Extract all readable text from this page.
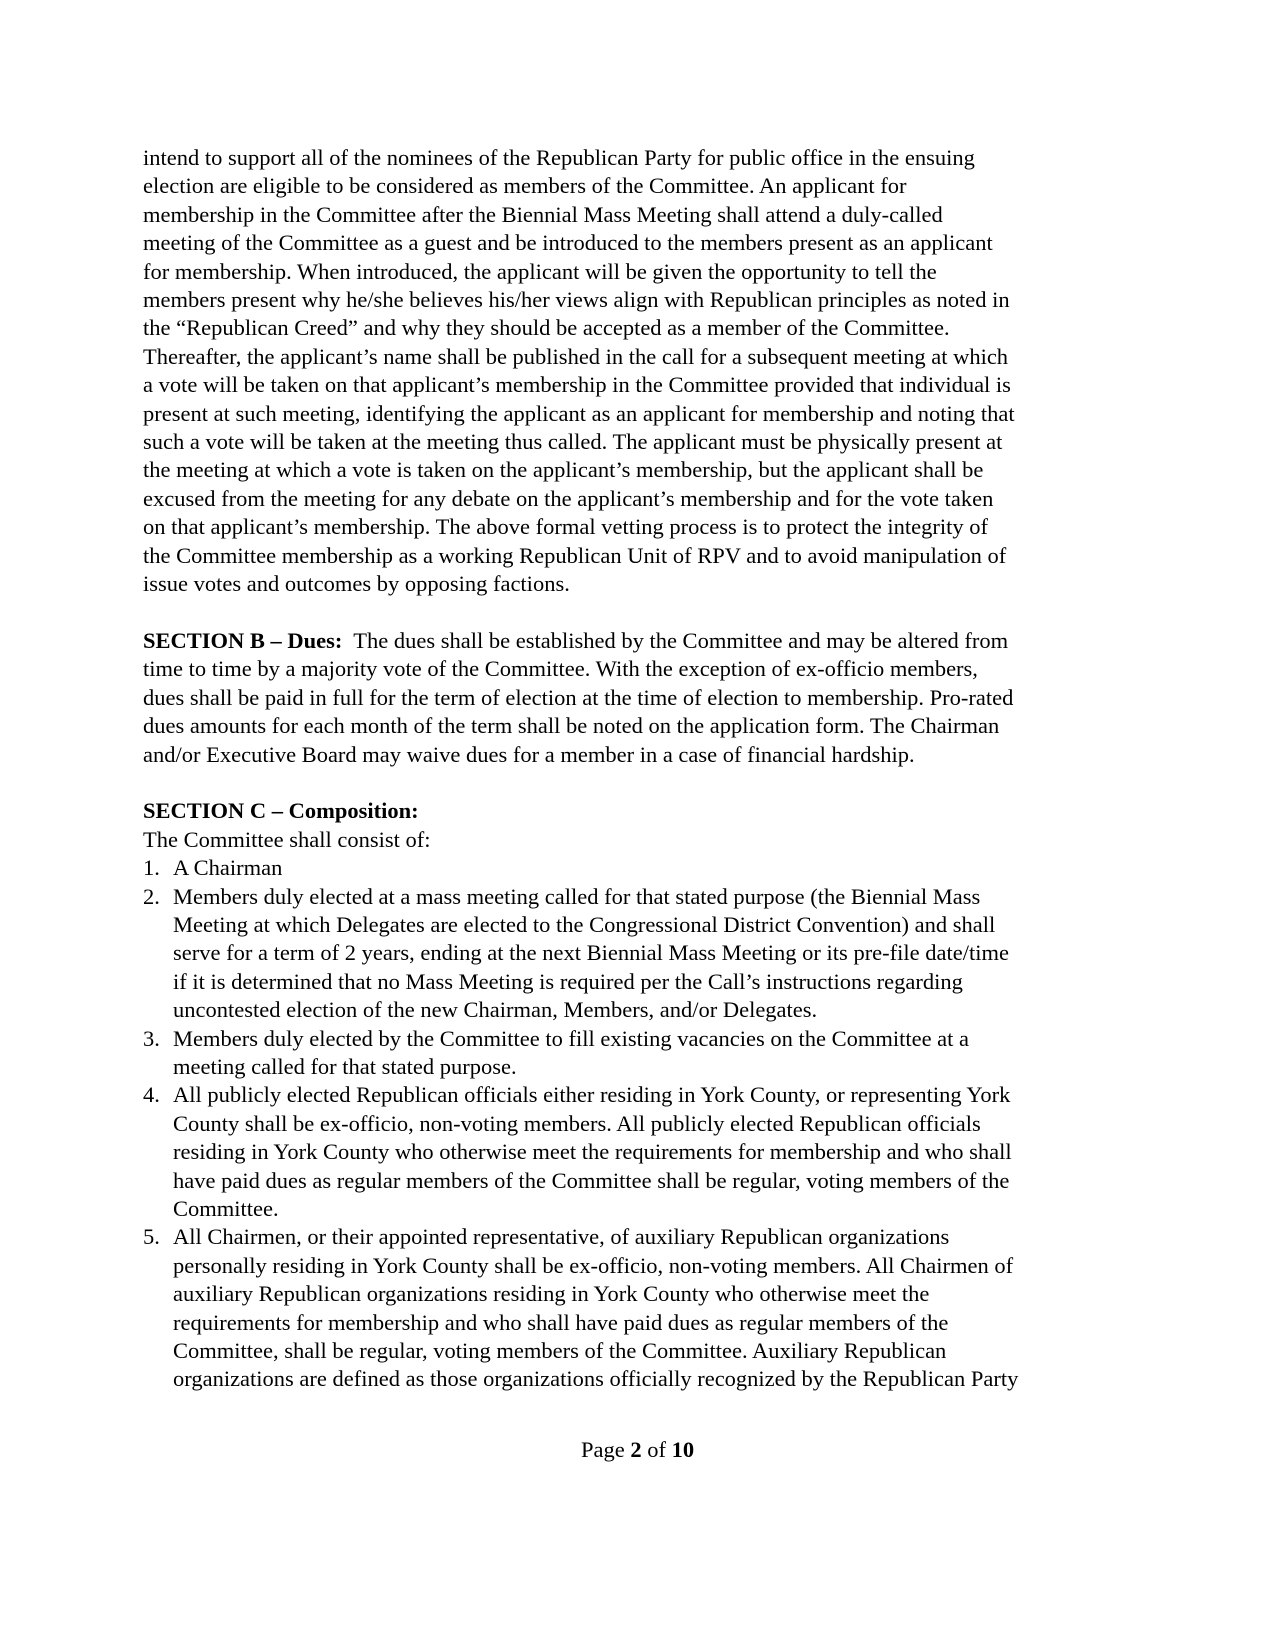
intend to support all of the nominees of the Republican Party for public office in the ensuing
election are eligible to be considered as members of the Committee. An applicant for
membership in the Committee after the Biennial Mass Meeting shall attend a duly-called
meeting of the Committee as a guest and be introduced to the members present as an applicant
for membership. When introduced, the applicant will be given the opportunity to tell the
members present why he/she believes his/her views align with Republican principles as noted in
the “Republican Creed” and why they should be accepted as a member of the Committee.
Thereafter, the applicant’s name shall be published in the call for a subsequent meeting at which
a vote will be taken on that applicant’s membership in the Committee provided that individual is
present at such meeting, identifying the applicant as an applicant for membership and noting that
such a vote will be taken at the meeting thus called. The applicant must be physically present at
the meeting at which a vote is taken on the applicant’s membership, but the applicant shall be
excused from the meeting for any debate on the applicant’s membership and for the vote taken
on that applicant’s membership. The above formal vetting process is to protect the integrity of
the Committee membership as a working Republican Unit of RPV and to avoid manipulation of
issue votes and outcomes by opposing factions.

SECTION B – Dues:  The dues shall be established by the Committee and may be altered from
time to time by a majority vote of the Committee. With the exception of ex-officio members,
dues shall be paid in full for the term of election at the time of election to membership. Pro-rated
dues amounts for each month of the term shall be noted on the application form. The Chairman
and/or Executive Board may waive dues for a member in a case of financial hardship.

SECTION C – Composition:
The Committee shall consist of:
1. A Chairman
2. Members duly elected at a mass meeting called for that stated purpose (the Biennial Mass
Meeting at which Delegates are elected to the Congressional District Convention) and shall
serve for a term of 2 years, ending at the next Biennial Mass Meeting or its pre-file date/time
if it is determined that no Mass Meeting is required per the Call’s instructions regarding
uncontested election of the new Chairman, Members, and/or Delegates.
3. Members duly elected by the Committee to fill existing vacancies on the Committee at a
meeting called for that stated purpose.
4. All publicly elected Republican officials either residing in York County, or representing York
County shall be ex-officio, non-voting members. All publicly elected Republican officials
residing in York County who otherwise meet the requirements for membership and who shall
have paid dues as regular members of the Committee shall be regular, voting members of the
Committee.
5. All Chairmen, or their appointed representative, of auxiliary Republican organizations
personally residing in York County shall be ex-officio, non-voting members. All Chairmen of
auxiliary Republican organizations residing in York County who otherwise meet the
requirements for membership and who shall have paid dues as regular members of the
Committee, shall be regular, voting members of the Committee. Auxiliary Republican
organizations are defined as those organizations officially recognized by the Republican Party
Page 2 of 10
